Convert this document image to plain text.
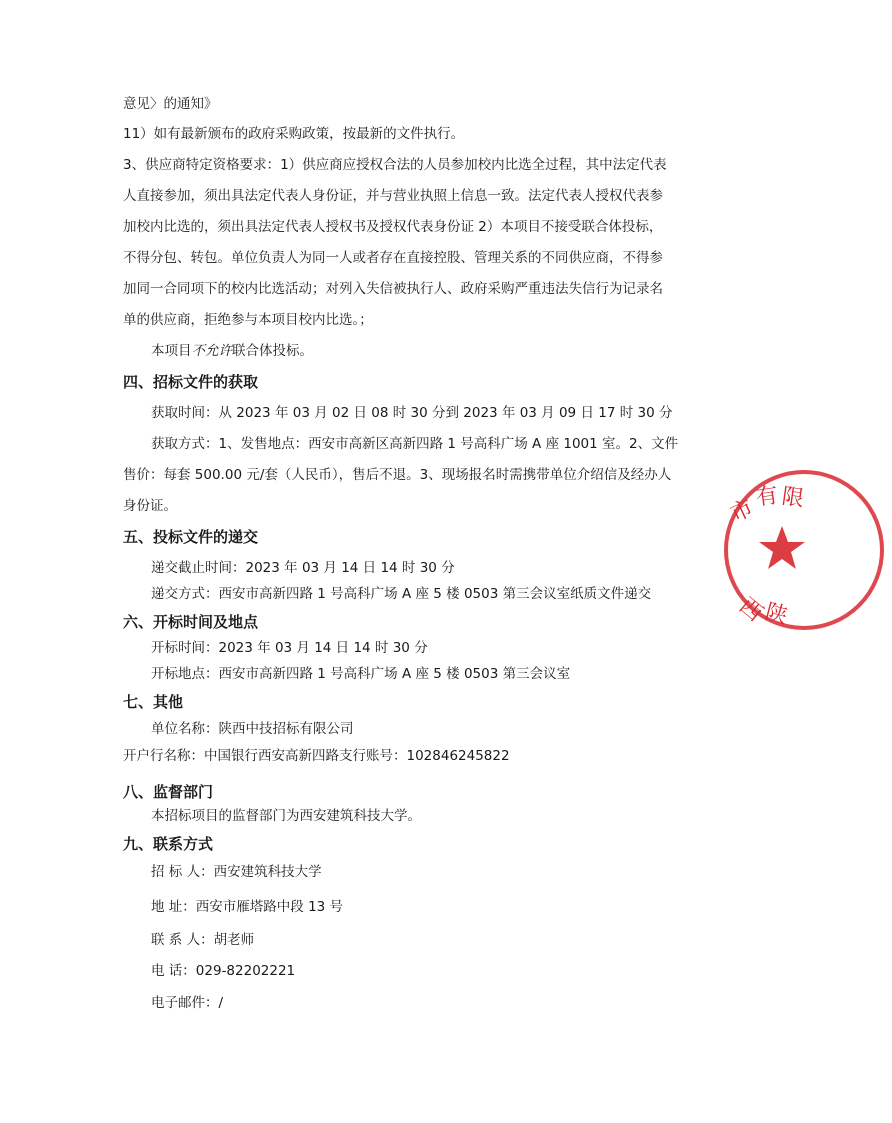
意见〉的通知》
11）如有最新颁布的政府采购政策，按最新的文件执行。
3、供应商特定资格要求：1）供应商应授权合法的人员参加校内比选全过程，其中法定代表
人直接参加，须出具法定代表人身份证，并与营业执照上信息一致。法定代表人授权代表参
加校内比选的，须出具法定代表人授权书及授权代表身份证 2）本项目不接受联合体投标，
不得分包、转包。单位负责人为同一人或者存在直接控股、管理关系的不同供应商，不得参
加同一合同项下的校内比选活动；对列入失信被执行人、政府采购严重违法失信行为记录名
单的供应商，拒绝参与本项目校内比选。；
本项目不允许联合体投标。
四、招标文件的获取
获取时间：从 2023 年 03 月 02 日 08 时 30 分到 2023 年 03 月 09 日 17 时 30 分
获取方式：1、发售地点：西安市高新区高新四路 1 号高科广场 A 座 1001 室。2、文件
售价：每套 500.00 元/套（人民币），售后不退。3、现场报名时需携带单位介绍信及经办人
身份证。
五、投标文件的递交
递交截止时间：2023 年 03 月 14 日 14 时 30 分
递交方式：西安市高新四路 1 号高科广场 A 座 5 楼 0503 第三会议室纸质文件递交
六、开标时间及地点
开标时间：2023 年 03 月 14 日 14 时 30 分
开标地点：西安市高新四路 1 号高科广场 A 座 5 楼 0503 第三会议室
七、其他
单位名称：陕西中技招标有限公司
开户行名称：中国银行西安高新四路支行账号：102846245822
八、监督部门
本招标项目的监督部门为西安建筑科技大学。
九、联系方式
招 标 人：西安建筑科技大学
地 址：西安市雁塔路中段 13 号
联 系 人：胡老师
电 话：029-82202221
电子邮件：/
市
有 限
陕
西
